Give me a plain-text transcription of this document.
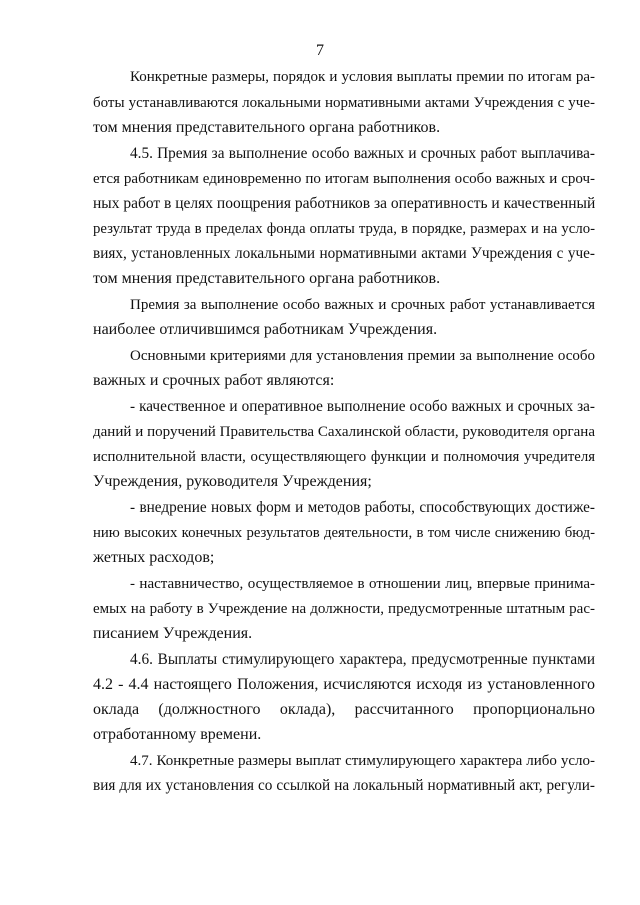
7
Конкретные размеры, порядок и условия выплаты премии по итогам ра-
боты устанавливаются локальными нормативными актами Учреждения с уче-
том мнения представительного органа работников.
4.5. Премия за выполнение особо важных и срочных работ выплачива-
ется работникам единовременно по итогам выполнения особо важных и сроч-
ных работ в целях поощрения работников за оперативность и качественный
результат труда в пределах фонда оплаты труда, в порядке, размерах и на усло-
виях, установленных локальными нормативными актами Учреждения с уче-
том мнения представительного органа работников.
Премия за выполнение особо важных и срочных работ устанавливается
наиболее отличившимся работникам Учреждения.
Основными критериями для установления премии за выполнение особо
важных и срочных работ являются:
- качественное и оперативное выполнение особо важных и срочных за-
даний и поручений Правительства Сахалинской области, руководителя органа
исполнительной власти, осуществляющего функции и полномочия учредителя
Учреждения, руководителя Учреждения;
- внедрение новых форм и методов работы, способствующих достиже-
нию высоких конечных результатов деятельности, в том числе снижению бюд-
жетных расходов;
- наставничество, осуществляемое в отношении лиц, впервые принима-
емых на работу в Учреждение на должности, предусмотренные штатным рас-
писанием Учреждения.
4.6. Выплаты стимулирующего характера, предусмотренные пунктами
4.2 - 4.4 настоящего Положения, исчисляются исходя из установленного
оклада (должностного оклада), рассчитанного пропорционально
отработанному времени.
4.7. Конкретные размеры выплат стимулирующего характера либо усло-
вия для их установления со ссылкой на локальный нормативный акт, регули-
